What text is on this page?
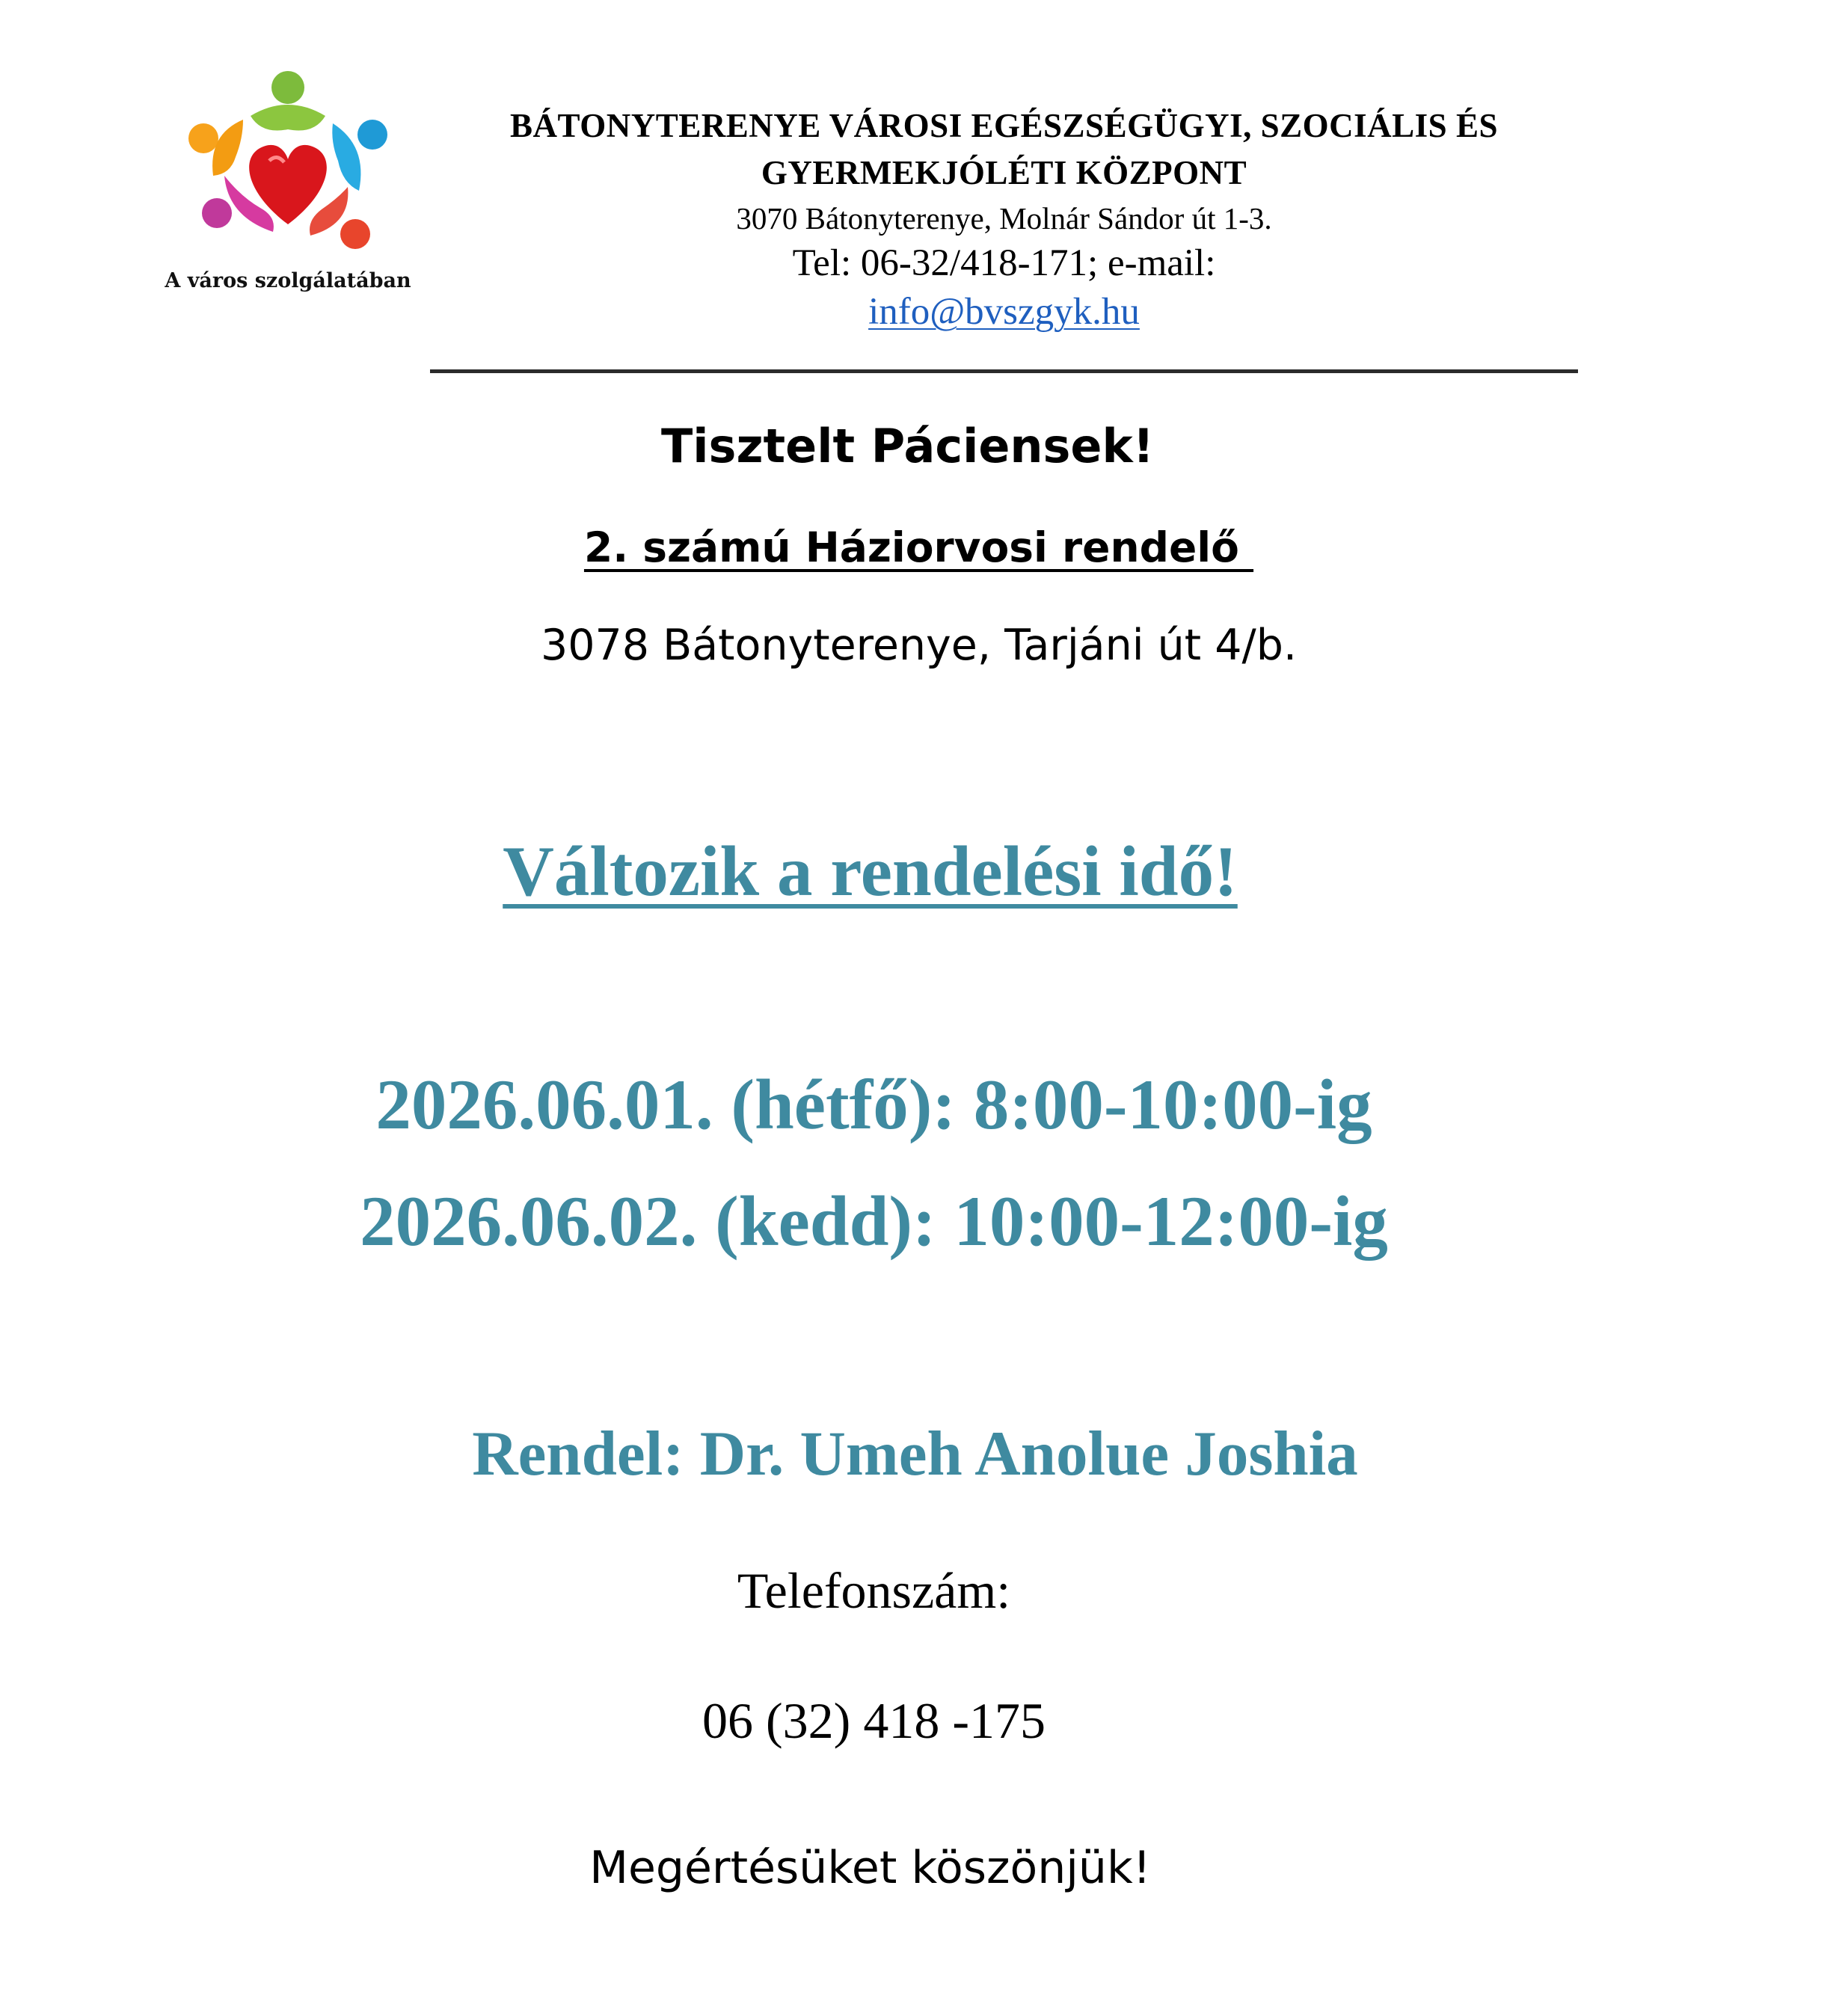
A város szolgálatában
BÁTONYTERENYE VÁROSI EGÉSZSÉGÜGYI, SZOCIÁLIS ÉS
GYERMEKJÓLÉTI KÖZPONT
3070 Bátonyterenye, Molnár Sándor út 1-3.
Tel: 06-32/418-171; e-mail:
info@bvszgyk.hu
Tisztelt Páciensek!
2. számú Háziorvosi rendelő
3078 Bátonyterenye, Tarjáni út 4/b.
Változik a rendelési idő!
2026.06.01. (hétfő): 8:00-10:00-ig
2026.06.02. (kedd): 10:00-12:00-ig
Rendel: Dr. Umeh Anolue Joshia
Telefonszám:
06 (32) 418 -175
Megértésüket köszönjük!
